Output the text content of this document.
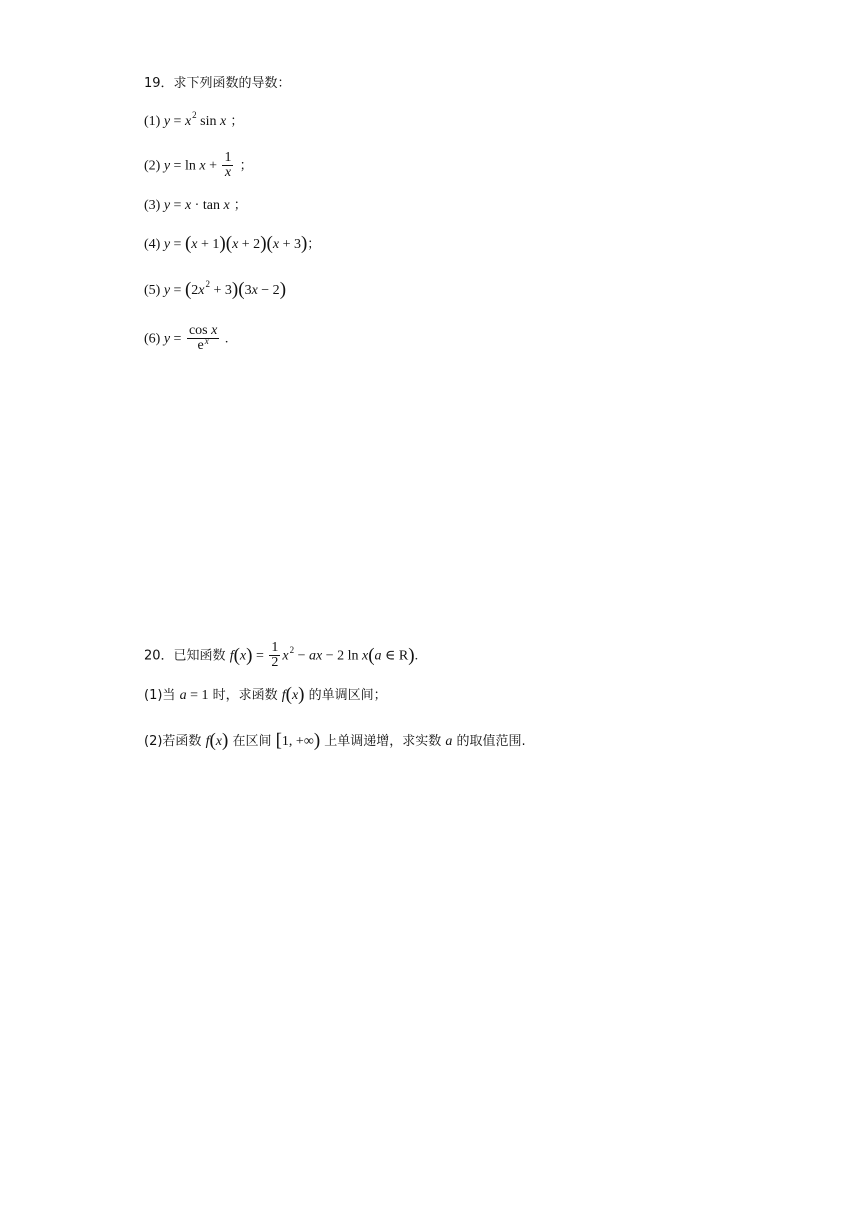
19．求下列函数的导数：
(1) $y = x^2$ sin x ；
(2) $y = \ln x + \frac{1}{x}$ ；
(3) y = x · tan x ；
(4) y = (x + 1)(x + 2)(x + 3)；
(5) $y = (2x^2 + 3)(3x - 2)$
(6) $y = \frac{\text{cos x}}{e^x}$ .
20．已知函数 $f(x) = \frac{1}{2} x^2$ − ax − 2 ln x(a ∈ R).
(1)当 a = 1 时，求函数 f(x) 的单调区间；
(2)若函数 f(x) 在区间 [1, +∞) 上单调递增，求实数 a 的取值范围.
